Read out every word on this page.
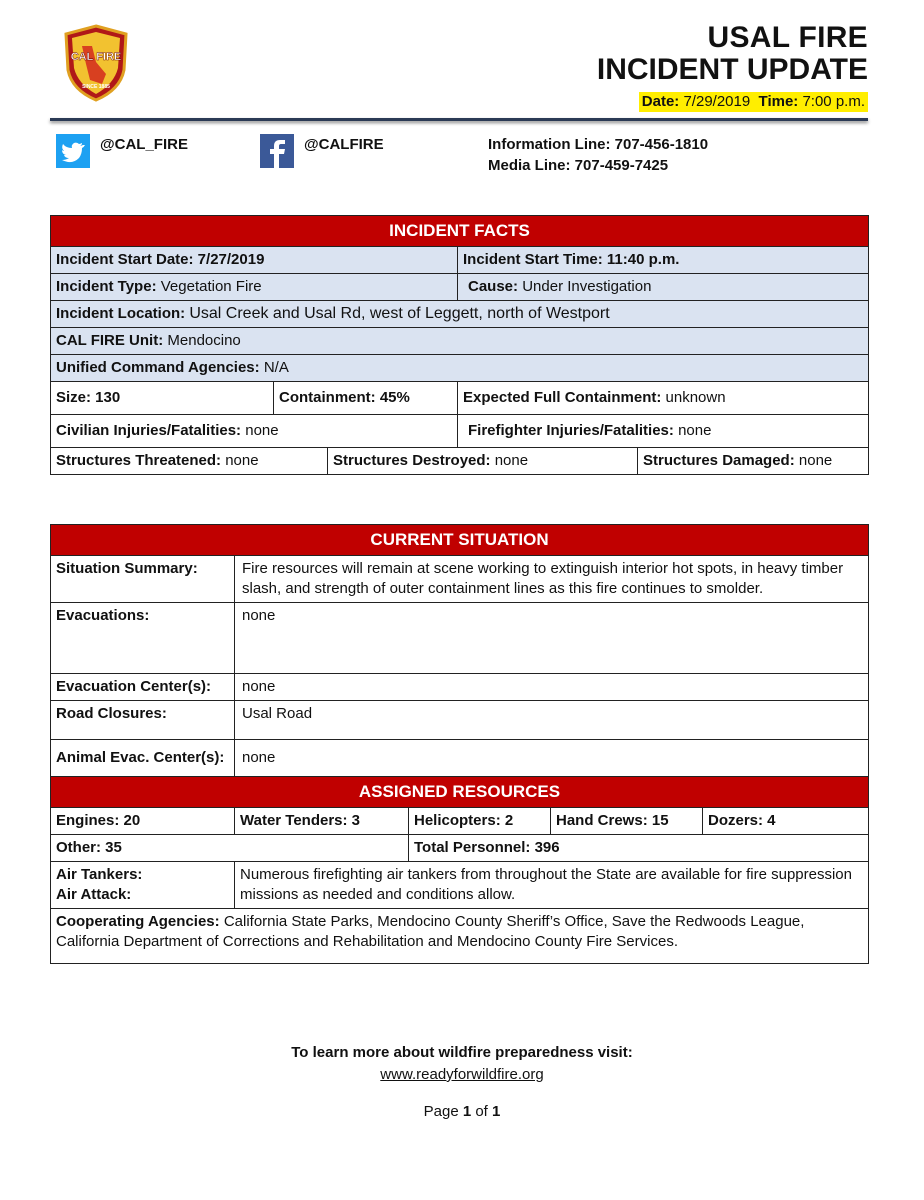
CAL FIRE
SINCE 1885
USAL FIRE
INCIDENT UPDATE
Date: 7/29/2019 Time: 7:00 p.m.
@CAL_FIRE	@CALFIRE	Information Line: 707-456-1810
Media Line: 707-459-7425
INCIDENT FACTS				
Incident Start Date: 7/27/2019			Incident Start Time: 11:40 p.m.	
Incident Type: Vegetation Fire			Cause: Under Investigation	
Incident Location: Usal Creek and Usal Rd, west of Leggett, north of Westport				
CAL FIRE Unit: Mendocino				
Unified Command Agencies: N/A				
Size: 130	Containment: 45%		Expected Full Containment: unknown	
Civilian Injuries/Fatalities: none			Firefighter Injuries/Fatalities: none	
Structures Threatened: none		Structures Destroyed: none		Structures Damaged: none
CURRENT SITUATION				
Situation Summary:	Fire resources will remain at scene working to extinguish interior hot spots, in heavy timber slash, and strength of outer containment lines as this fire continues to smolder.			
Evacuations:	none			
Evacuation Center(s):	none			
Road Closures:	Usal Road			
Animal Evac. Center(s):	none			
ASSIGNED RESOURCES				
Engines: 20	Water Tenders: 3	Helicopters: 2	Hand Crews: 15	Dozers: 4
Other: 35		Total Personnel: 396		

Air Tankers:
Air Attack:	Numerous firefighting air tankers from throughout the State are available for fire suppression missions as needed and conditions allow.			
Cooperating Agencies: California State Parks, Mendocino County Sheriff’s Office, Save the Redwoods League, California Department of Corrections and Rehabilitation and Mendocino County Fire Services.				
To learn more about wildfire preparedness visit:
www.readyforwildfire.org
Page 1 of 1
